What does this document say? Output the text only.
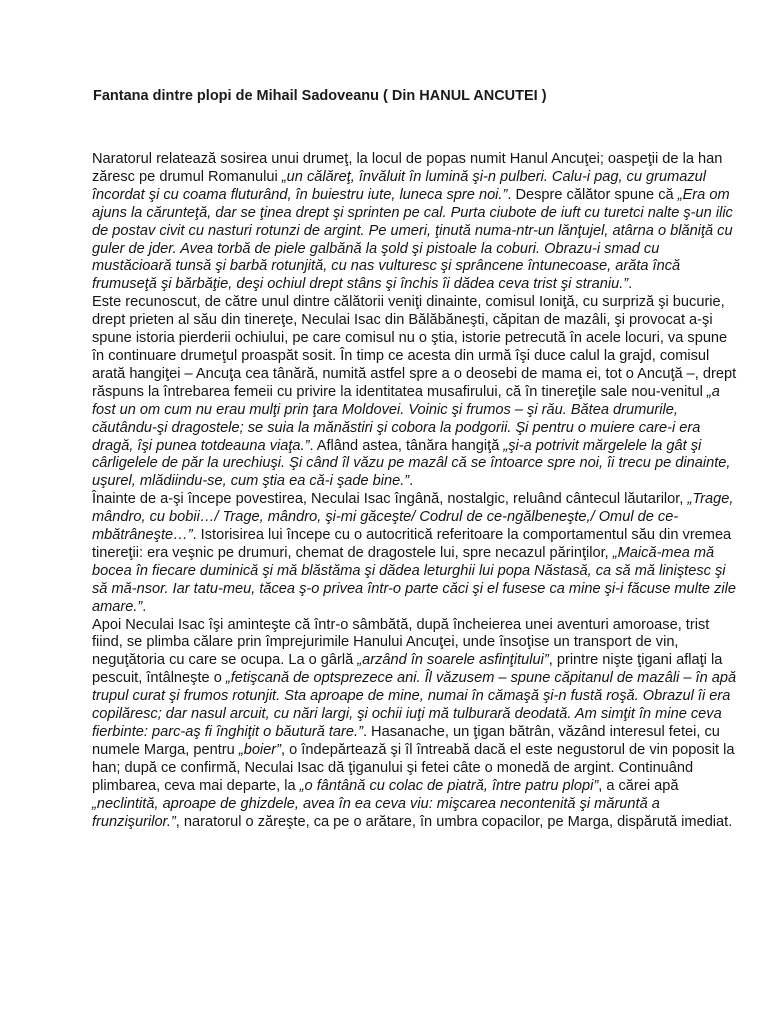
Fantana dintre plopi de Mihail Sadoveanu ( Din HANUL ANCUTEI )

Naratorul relatează sosirea unui drumeţ, la locul de popas numit Hanul Ancuţei; oaspeţii de la han zăresc pe drumul Romanului „un călăreţ, învăluit în lumină şi-n pulberi. Calu-i pag, cu grumazul încordat şi cu coama fluturând, în buiestru iute, luneca spre noi.”. Despre călător spune că „Era om ajuns la cărunteţă, dar se ţinea drept şi sprinten pe cal. Purta ciubote de iuft cu turetci nalte ş-un ilic de postav civit cu nasturi rotunzi de argint. Pe umeri, ţinută numa-ntr-un lănţujel, atârna o blăniţă cu guler de jder. Avea torbă de piele galbănă la şold şi pistoale la coburi. Obrazu-i smad cu mustăcioară tunsă şi barbă rotunjită, cu nas vulturesc şi sprâncene întunecoase, arăta încă frumuseţă şi bărbăţie, deşi ochiul drept stâns şi închis îi dădea ceva trist şi straniu.”.

Este recunoscut, de către unul dintre călătorii veniţi dinainte, comisul Ioniţă, cu surpriză şi bucurie, drept prieten al său din tinereţe, Neculai Isac din Bălăbăneşti, căpitan de mazâli, şi provocat a-şi spune istoria pierderii ochiului, pe care comisul nu o ştia, istorie petrecută în acele locuri, va spune în continuare drumeţul proaspăt sosit. În timp ce acesta din urmă îşi duce calul la grajd, comisul arată hangiţei – Ancuţa cea tânără, numită astfel spre a o deosebi de mama ei, tot o Ancuţă –, drept răspuns la întrebarea femeii cu privire la identitatea musafirului, că în tinereţile sale nou-venitul „a fost un om cum nu erau mulţi prin ţara Moldovei. Voinic şi frumos – şi rău. Bătea drumurile, căutându-şi dragostele; se suia la mănăstiri şi cobora la podgorii. Şi pentru o muiere care-i era dragă, îşi punea totdeauna viaţa.”. Aflând astea, tânăra hangiţă „şi-a potrivit mărgelele la gât şi cârligelele de păr la urechiuşi. Şi când îl văzu pe mazâl că se întoarce spre noi, îi trecu pe dinainte, uşurel, mlădiindu-se, cum ştia ea că-i şade bine.”.

Înainte de a-şi începe povestirea, Neculai Isac îngână, nostalgic, reluând cântecul lăutarilor, „Trage, mândro, cu bobii…/ Trage, mândro, şi-mi găceşte/ Codrul de ce-ngălbeneşte,/ Omul de ce-mbătrâneşte…”. Istorisirea lui începe cu o autocritică referitoare la comportamentul său din vremea tinereţii: era veşnic pe drumuri, chemat de dragostele lui, spre necazul părinţilor, „Maică-mea mă bocea în fiecare duminică şi mă blăstăma şi dădea leturghii lui popa Năstasă, ca să mă liniştesc şi să mă-nsor. Iar tatu-meu, tăcea ş-o privea într-o parte căci şi el fusese ca mine şi-i făcuse multe zile amare.”.

Apoi Neculai Isac îşi aminteşte că într-o sâmbătă, după încheierea unei aventuri amoroase, trist fiind, se plimba călare prin împrejurimile Hanului Ancuţei, unde însoţise un transport de vin, neguţătoria cu care se ocupa. La o gârlă „arzând în soarele asfinţitului”, printre nişte ţigani aflaţi la pescuit, întâlneşte o „fetişcană de optsprezece ani. Îl văzusem – spune căpitanul de mazâli – în apă trupul curat şi frumos rotunjit. Sta aproape de mine, numai în cămaşă şi-n fustă roşă. Obrazul îi era copilăresc; dar nasul arcuit, cu nări largi, şi ochii iuţi mă tulburară deodată. Am simţit în mine ceva fierbinte: parc-aş fi înghiţit o băutură tare.”. Hasanache, un ţigan bătrân, văzând interesul fetei, cu numele Marga, pentru „boier”, o îndepărtează şi îl întreabă dacă el este negustorul de vin poposit la han; după ce confirmă, Neculai Isac dă ţiganului şi fetei câte o monedă de argint. Continuând plimbarea, ceva mai departe, la „o fântână cu colac de piatră, între patru plopi”, a cărei apă „neclintită, aproape de ghizdele, avea în ea ceva viu: mişcarea necontenită şi măruntă a frunzişurilor.”, naratorul o zăreşte, ca pe o arătare, în umbra copacilor, pe Marga, dispărută imediat.
